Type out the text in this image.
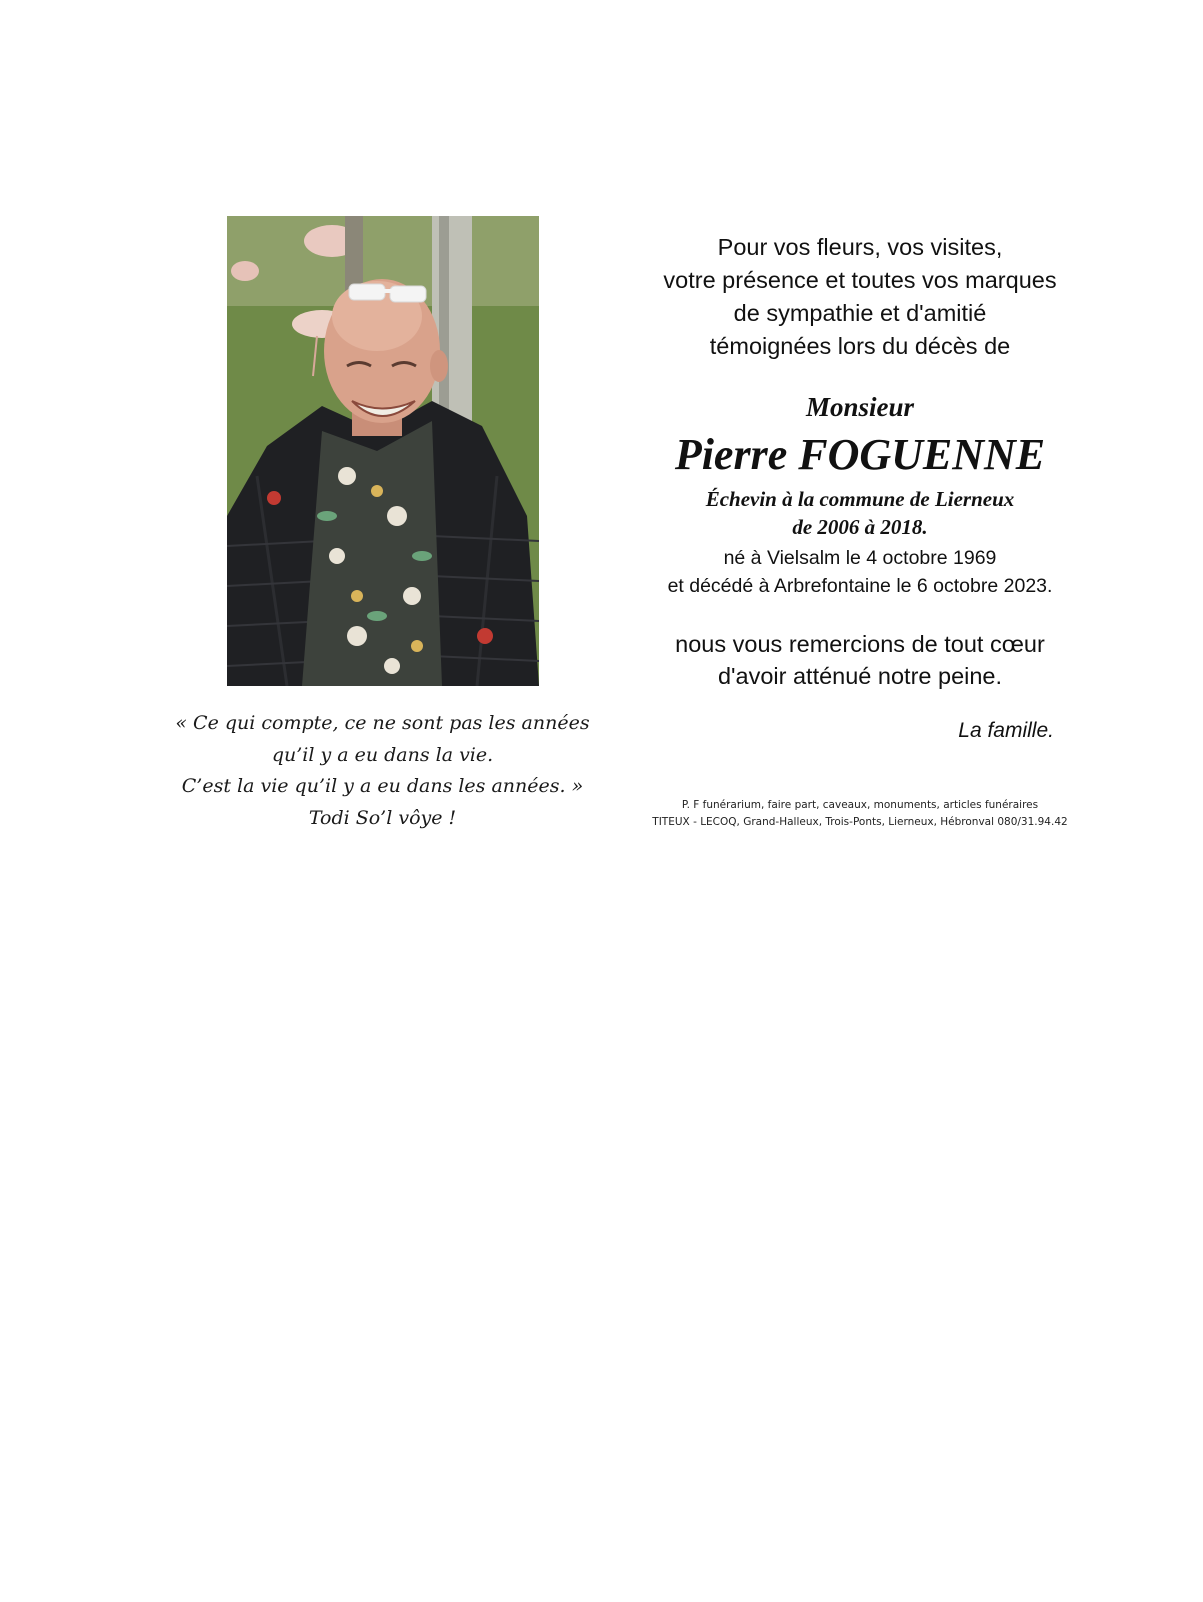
« Ce qui compte, ce ne sont pas les années
qu’il y a eu dans la vie.
C’est la vie qu’il y a eu dans les années. »
Todi So’l vôye !
Pour vos fleurs, vos visites,
votre présence et toutes vos marques
de sympathie et d'amitié
témoignées lors du décès de
Monsieur
Pierre FOGUENNE
Échevin à la commune de Lierneux
de 2006 à 2018.
né à Vielsalm le 4 octobre 1969
et décédé à Arbrefontaine le 6 octobre 2023.
nous vous remercions de tout cœur
d'avoir atténué notre peine.
La famille.
P. F funérarium, faire part, caveaux, monuments, articles funéraires
TITEUX - LECOQ, Grand-Halleux, Trois-Ponts, Lierneux, Hébronval 080/31.94.42
